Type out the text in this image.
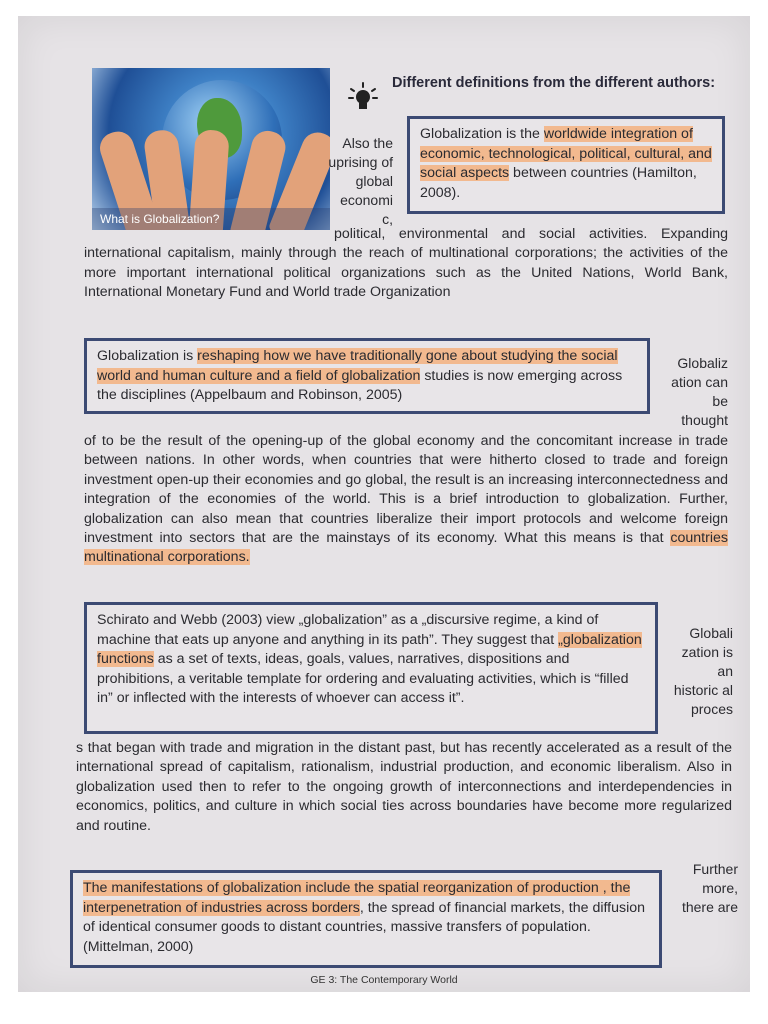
What is Globalization?
Different definitions from the different authors:
Globalization is the worldwide integration of economic, technological, political, cultural, and social aspects between countries (Hamilton, 2008).
Also the uprising of global economi c,
political, environmental and social activities. Expanding international capitalism, mainly through the reach of multinational corporations; the activities of the more important international political organizations such as the United Nations, World Bank, International Monetary Fund and World trade Organization
Globalization is reshaping how we have traditionally gone about studying the social world and human culture and a field of globalization studies is now emerging across the disciplines (Appelbaum and Robinson, 2005)
Globaliz ation can be thought
of to be the result of the opening-up of the global economy and the concomitant increase in trade between nations. In other words, when countries that were hitherto closed to trade and foreign investment open-up their economies and go global, the result is an increasing interconnectedness and integration of the economies of the world. This is a brief introduction to globalization. Further, globalization can also mean that countries liberalize their import protocols and welcome foreign investment into sectors that are the mainstays of its economy. What this means is that countries multinational corporations.
Schirato and Webb (2003) view „globalization” as a „discursive regime, a kind of machine that eats up anyone and anything in its path”. They suggest that „globalization functions as a set of texts, ideas, goals, values, narratives, dispositions and prohibitions, a veritable template for ordering and evaluating activities, which is “filled in” or inflected with the interests of whoever can access it”.
Globali zation is an historic al proces
s that began with trade and migration in the distant past, but has recently accelerated as a result of the international spread of capitalism, rationalism, industrial production, and economic liberalism. Also in globalization used then to refer to the ongoing growth of interconnections and interdependencies in economics, politics, and culture in which social ties across boundaries have become more regularized and routine.
Further more, there are
The manifestations of globalization include the spatial reorganization of production , the interpenetration of industries across borders, the spread of financial markets, the diffusion of identical consumer goods to distant countries, massive transfers of population. (Mittelman, 2000)
GE 3: The Contemporary World
